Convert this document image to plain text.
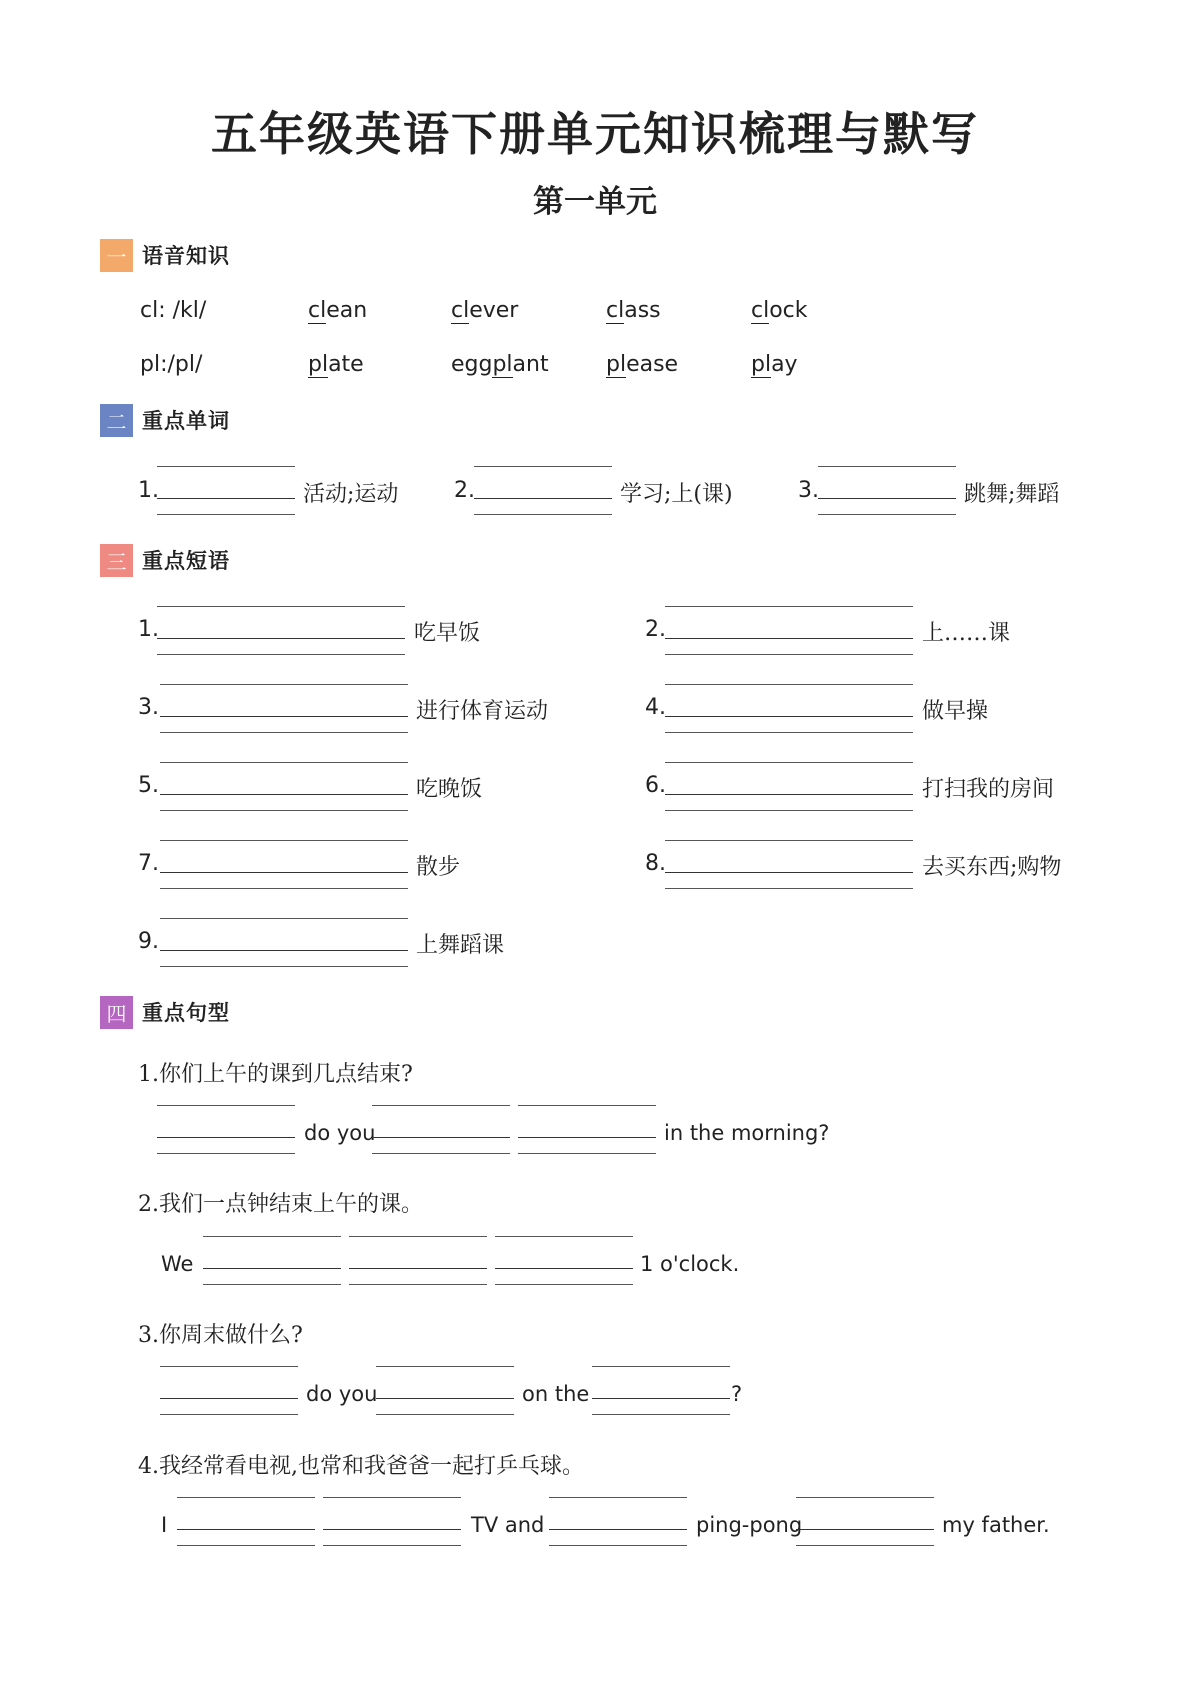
五年级英语下册单元知识梳理与默写
第一单元
一 语音知识
cl: /kl/	clean	clever	class	clock
pl:/pl/	plate	eggplant	please	play
二 重点单词
1.	活动;运动	2.	学习;上(课)	3.	跳舞;舞蹈
三 重点短语
1.	吃早饭	2.	上……课
3.	进行体育运动	4.	做早操
5.	吃晚饭	6.	打扫我的房间
7.	散步	8.	去买东西;购物
9.	上舞蹈课
四 重点句型
1.你们上午的课到几点结束?
do you	in the morning?
2.我们一点钟结束上午的课。
We	1 o'clock.
3.你周末做什么?
do you	on the	?
4.我经常看电视,也常和我爸爸一起打乒乓球。
I	TV and	ping-pong	my father.
